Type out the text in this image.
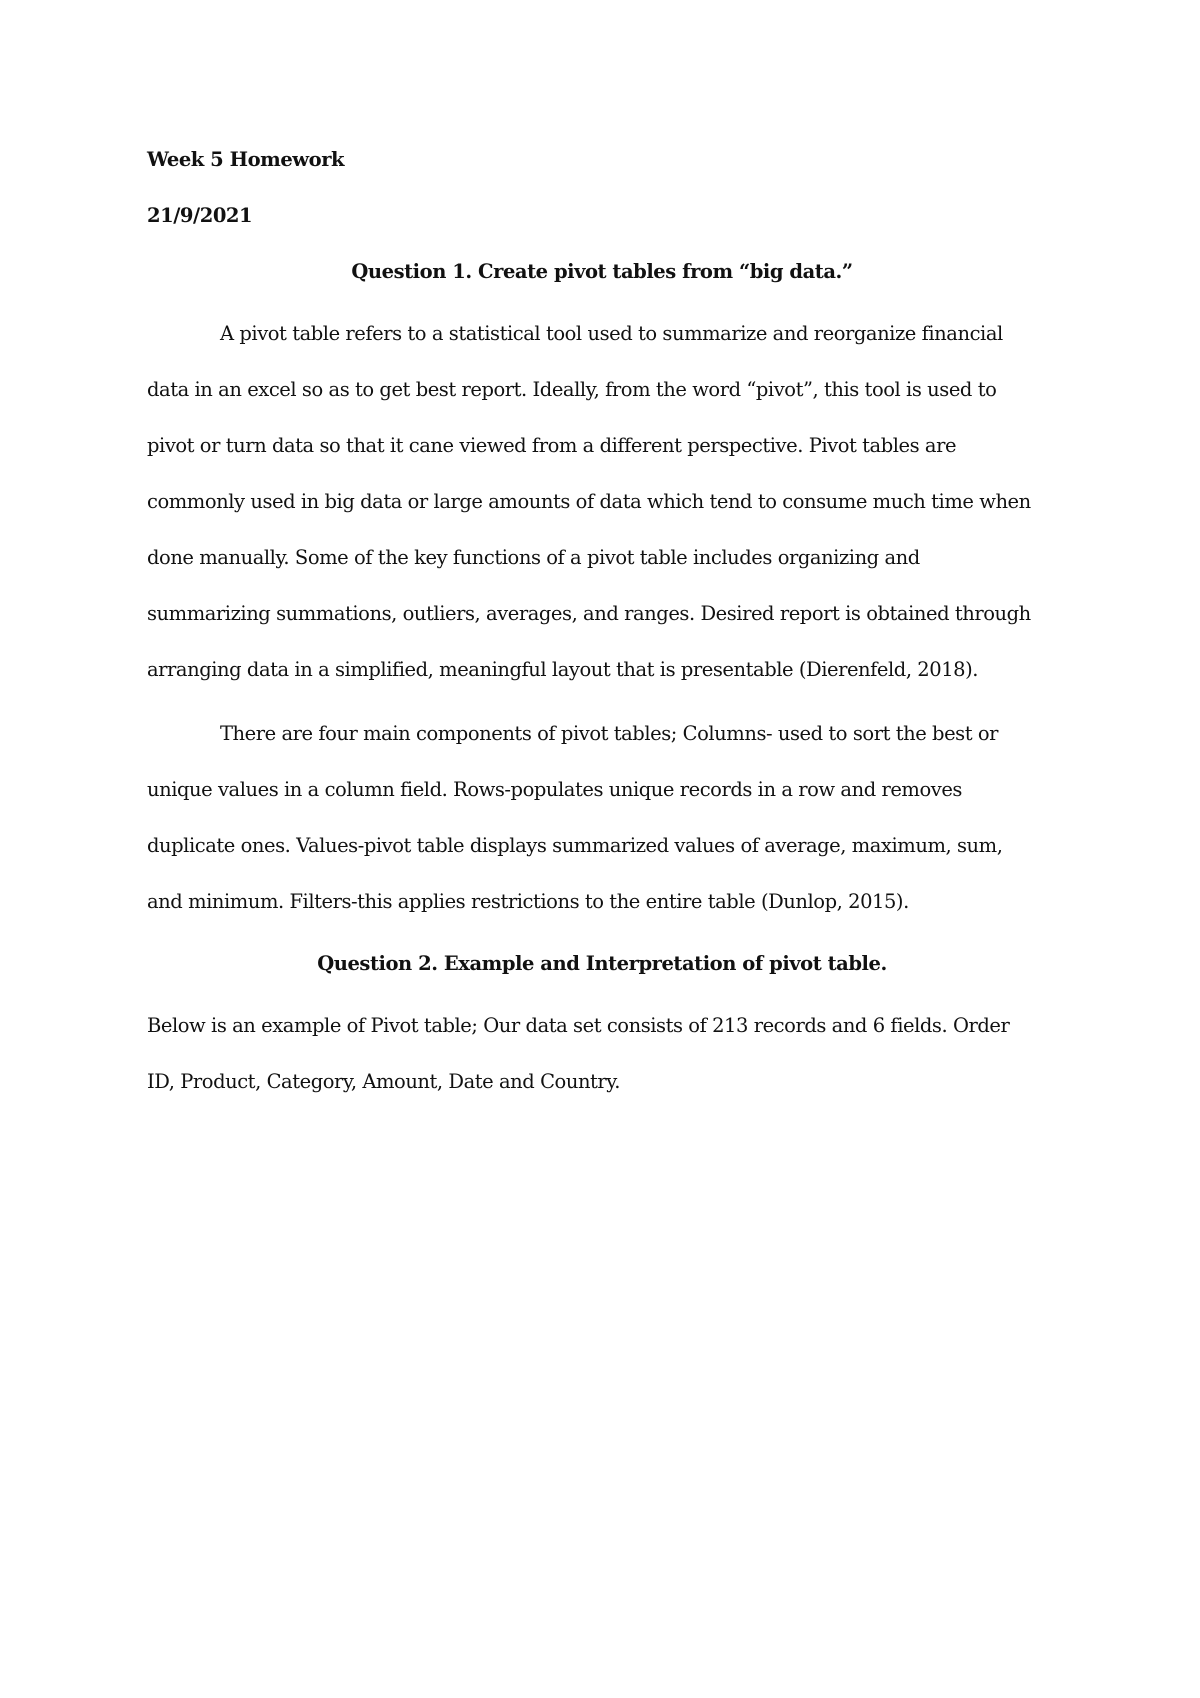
Week 5 Homework

21/9/2021

Question 1. Create pivot tables from “big data.”

A pivot table refers to a statistical tool used to summarize and reorganize financial

data in an excel so as to get best report. Ideally, from the word “pivot”, this tool is used to

pivot or turn data so that it cane viewed from a different perspective. Pivot tables are

commonly used in big data or large amounts of data which tend to consume much time when

done manually. Some of the key functions of a pivot table includes organizing and

summarizing summations, outliers, averages, and ranges. Desired report is obtained through

arranging data in a simplified, meaningful layout that is presentable (Dierenfeld, 2018).

There are four main components of pivot tables; Columns- used to sort the best or

unique values in a column field. Rows-populates unique records in a row and removes

duplicate ones. Values-pivot table displays summarized values of average, maximum, sum,

and minimum. Filters-this applies restrictions to the entire table (Dunlop, 2015).

Question 2. Example and Interpretation of pivot table.

Below is an example of Pivot table; Our data set consists of 213 records and 6 fields. Order

ID, Product, Category, Amount, Date and Country.
